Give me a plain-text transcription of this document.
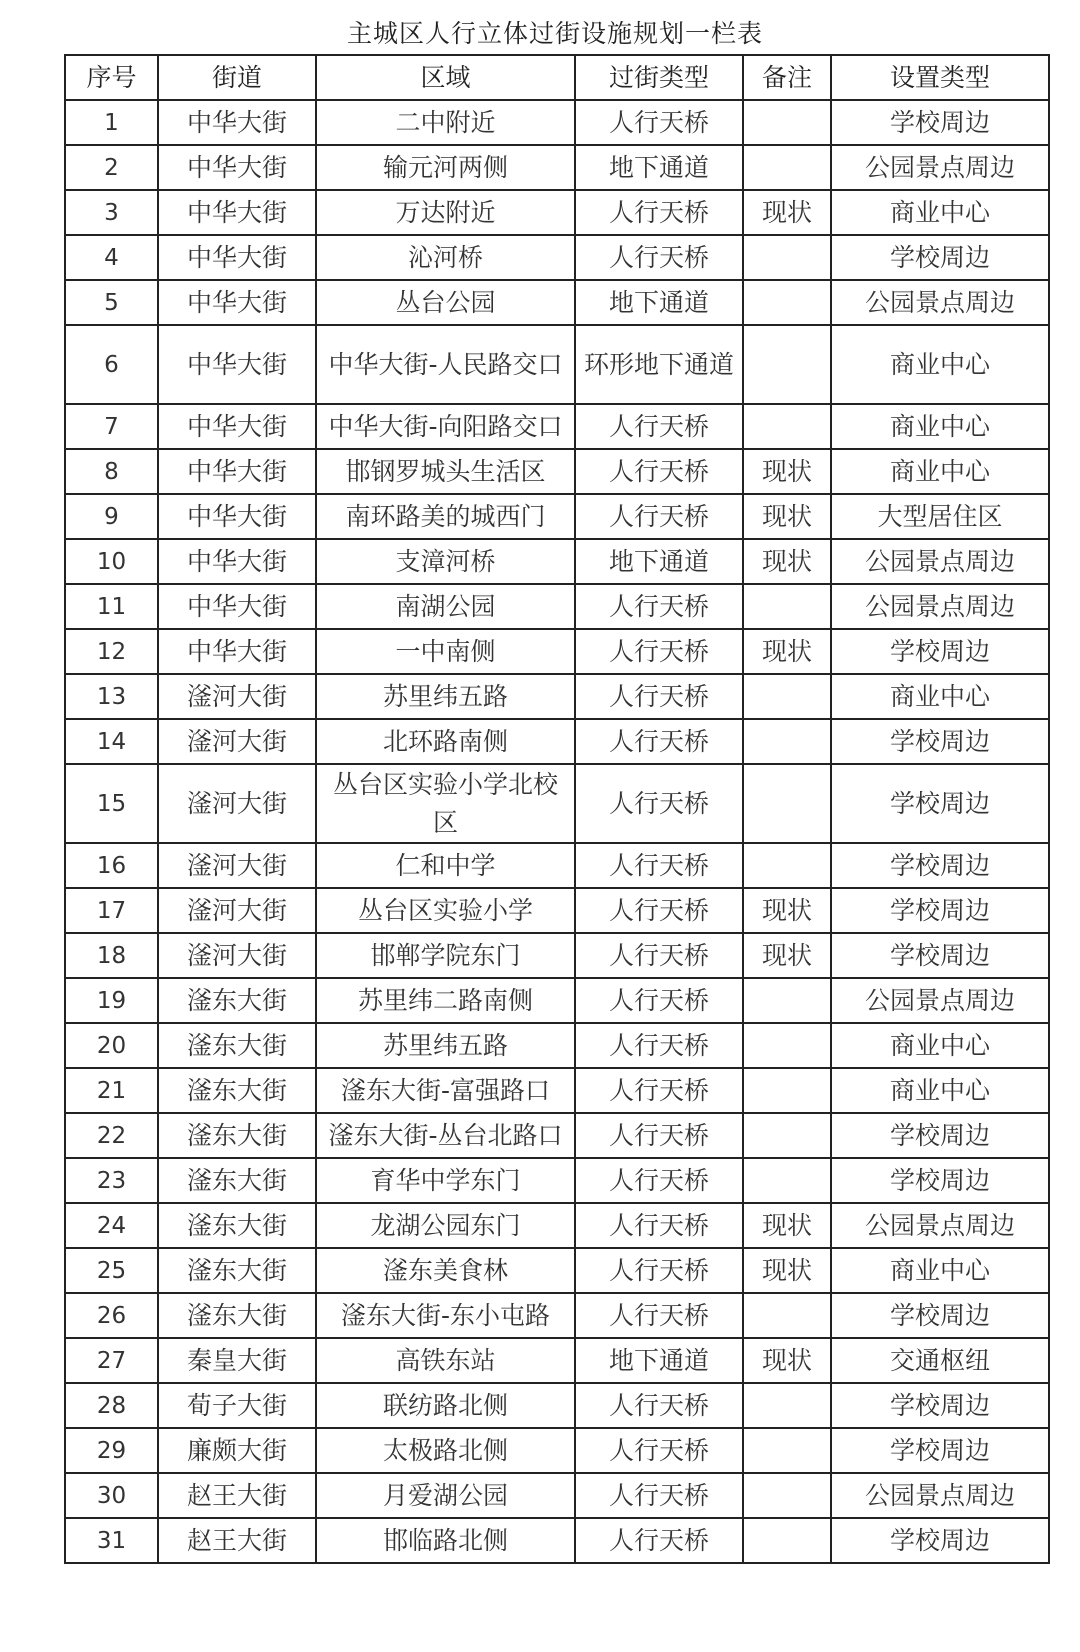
主城区人行立体过街设施规划一栏表
序号	街道	区域	过街类型	备注	设置类型
1	中华大街	二中附近	人行天桥		学校周边
2	中华大街	输元河两侧	地下通道		公园景点周边
3	中华大街	万达附近	人行天桥	现状	商业中心
4	中华大街	沁河桥	人行天桥		学校周边
5	中华大街	丛台公园	地下通道		公园景点周边
6	中华大街	中华大街-人民路交口	环形地下通道		商业中心
7	中华大街	中华大街-向阳路交口	人行天桥		商业中心
8	中华大街	邯钢罗城头生活区	人行天桥	现状	商业中心
9	中华大街	南环路美的城西门	人行天桥	现状	大型居住区
10	中华大街	支漳河桥	地下通道	现状	公园景点周边
11	中华大街	南湖公园	人行天桥		公园景点周边
12	中华大街	一中南侧	人行天桥	现状	学校周边
13	滏河大街	苏里纬五路	人行天桥		商业中心
14	滏河大街	北环路南侧	人行天桥		学校周边
15	滏河大街	丛台区实验小学北校区	人行天桥		学校周边
16	滏河大街	仁和中学	人行天桥		学校周边
17	滏河大街	丛台区实验小学	人行天桥	现状	学校周边
18	滏河大街	邯郸学院东门	人行天桥	现状	学校周边
19	滏东大街	苏里纬二路南侧	人行天桥		公园景点周边
20	滏东大街	苏里纬五路	人行天桥		商业中心
21	滏东大街	滏东大街-富强路口	人行天桥		商业中心
22	滏东大街	滏东大街-丛台北路口	人行天桥		学校周边
23	滏东大街	育华中学东门	人行天桥		学校周边
24	滏东大街	龙湖公园东门	人行天桥	现状	公园景点周边
25	滏东大街	滏东美食林	人行天桥	现状	商业中心
26	滏东大街	滏东大街-东小屯路	人行天桥		学校周边
27	秦皇大街	高铁东站	地下通道	现状	交通枢纽
28	荀子大街	联纺路北侧	人行天桥		学校周边
29	廉颇大街	太极路北侧	人行天桥		学校周边
30	赵王大街	月爱湖公园	人行天桥		公园景点周边
31	赵王大街	邯临路北侧	人行天桥		学校周边
